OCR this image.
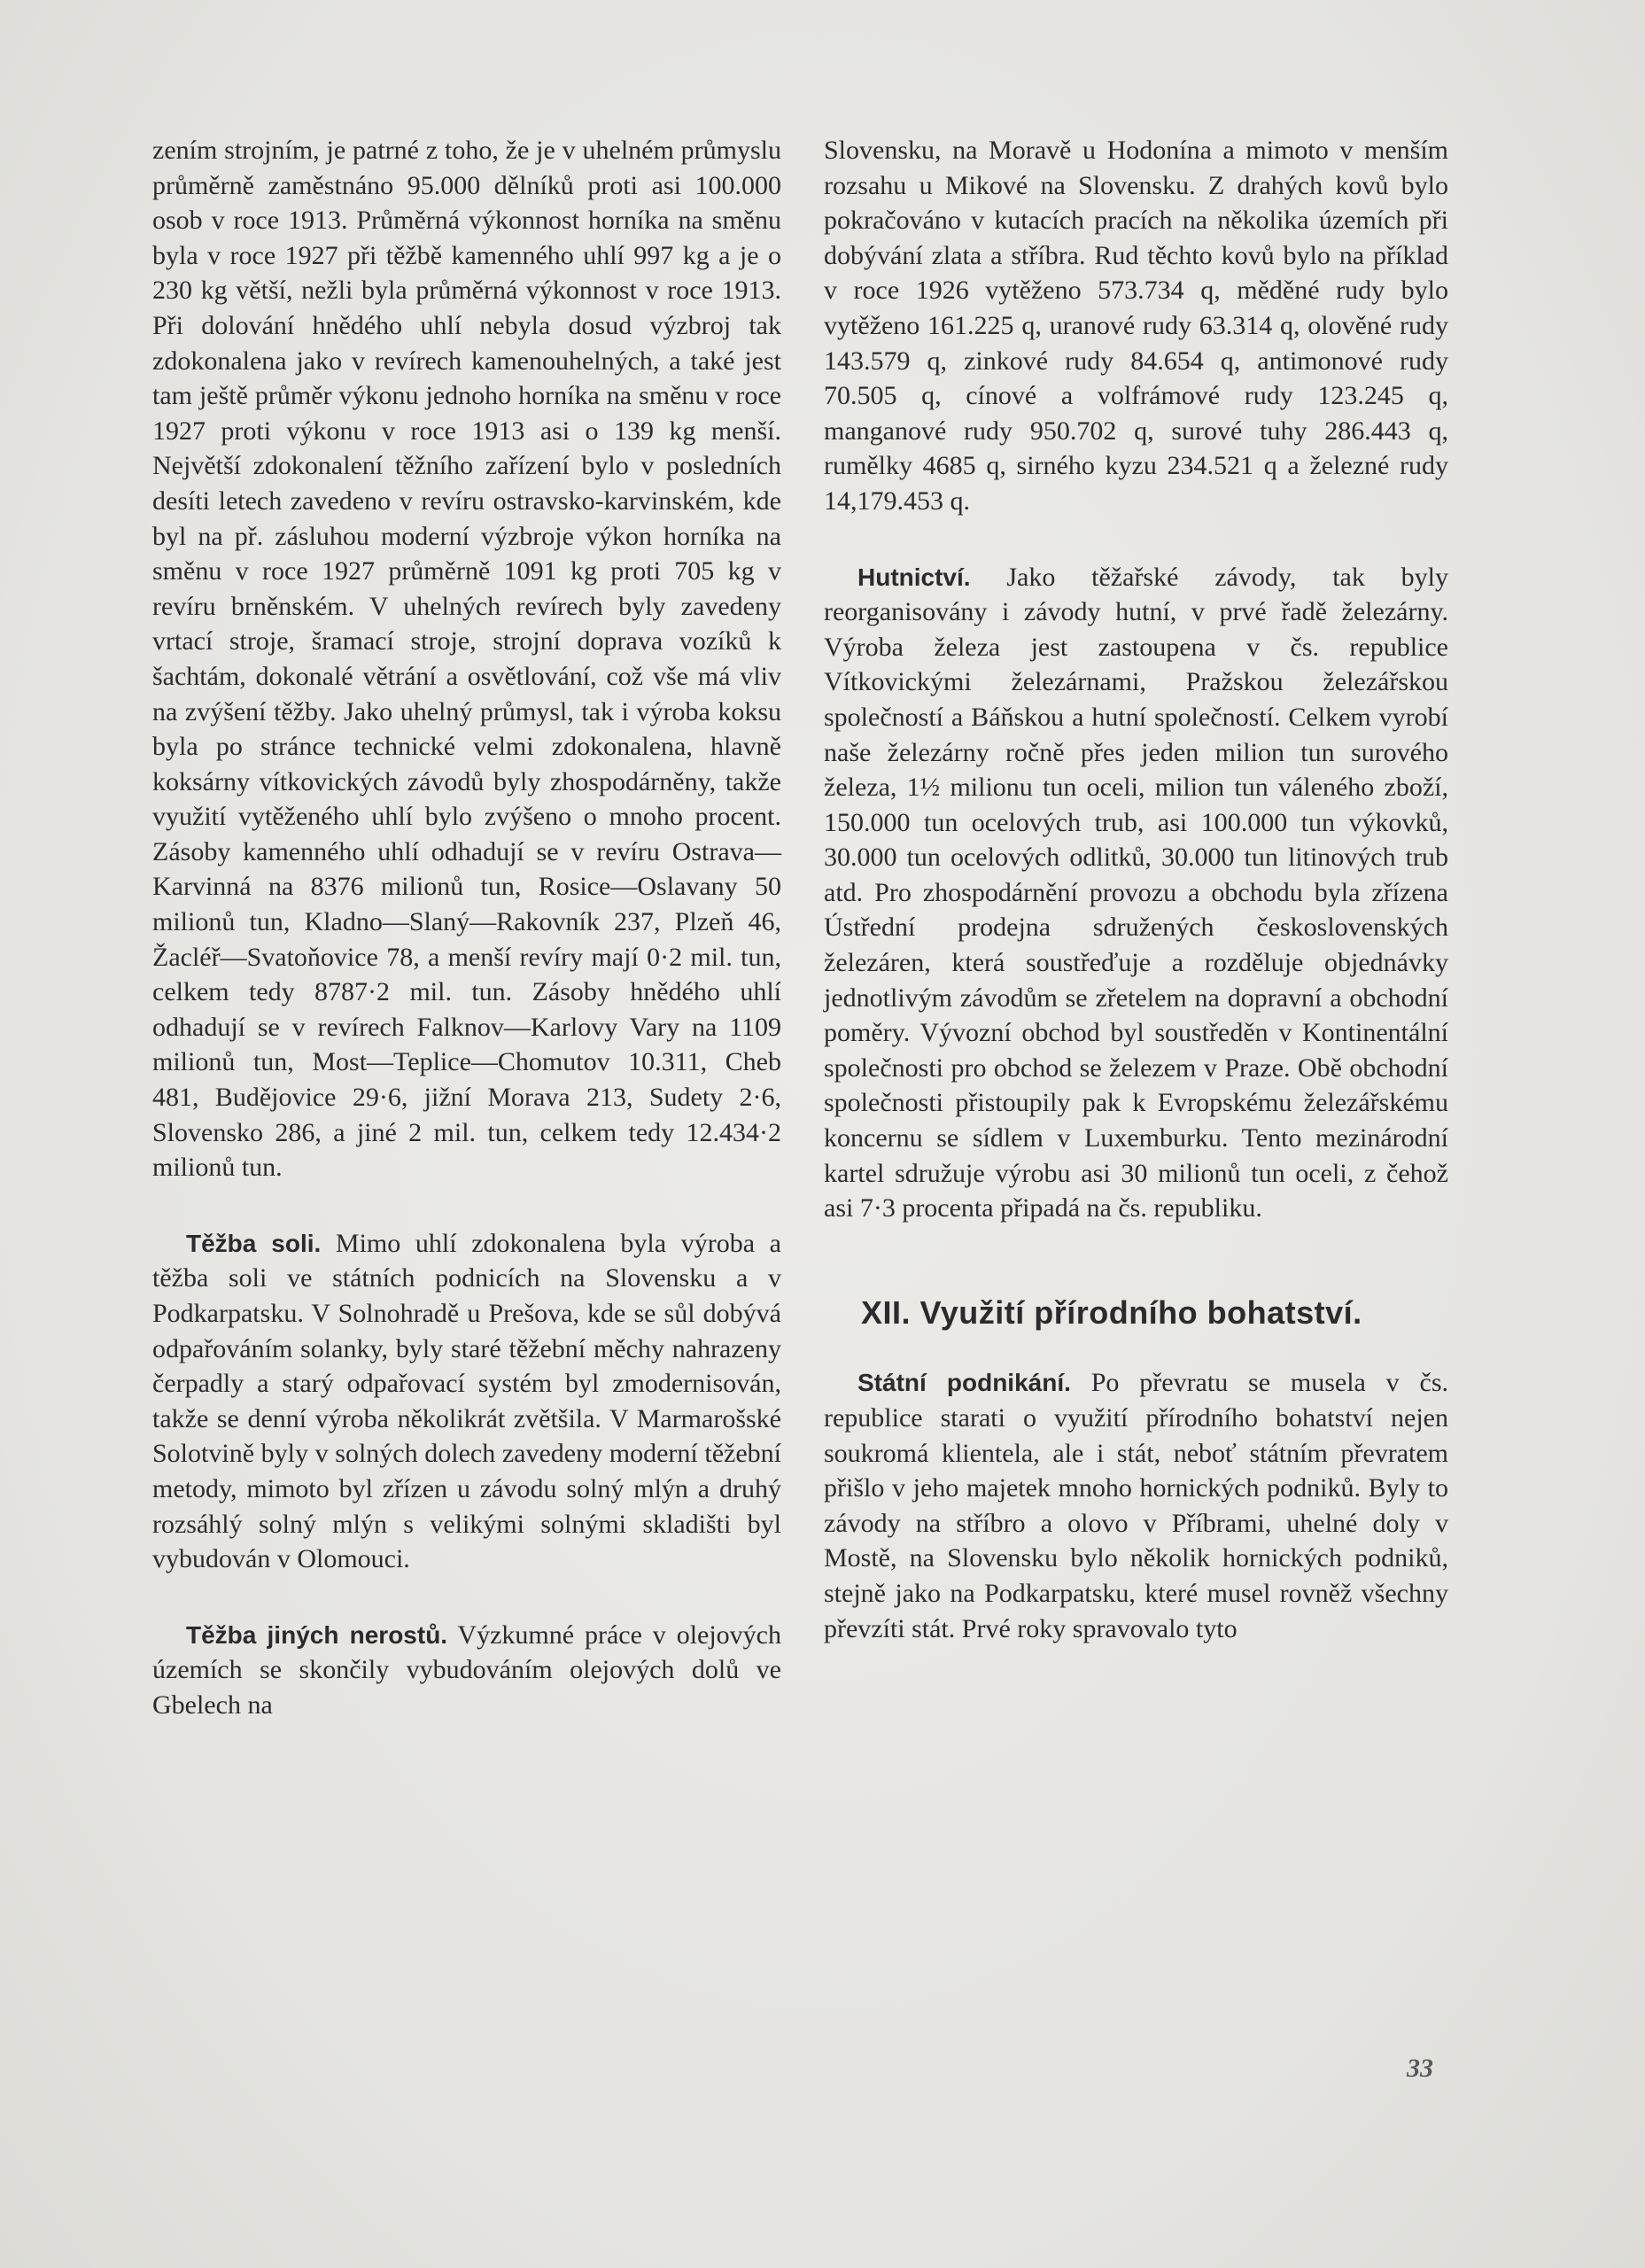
zením strojním, je patrné z toho, že je v uhelném průmyslu průměrně zaměstnáno 95.000 dělníků proti asi 100.000 osob v roce 1913. Průměrná výkonnost horníka na směnu byla v roce 1927 při těžbě kamenného uhlí 997 kg a je o 230 kg větší, nežli byla průměrná výkonnost v roce 1913. Při dolování hnědého uhlí nebyla dosud výzbroj tak zdokonalena jako v revírech kamenouhelných, a také jest tam ještě průměr výkonu jednoho horníka na směnu v roce 1927 proti výkonu v roce 1913 asi o 139 kg menší. Největší zdokonalení těžního zařízení bylo v posledních desíti letech zavedeno v revíru ostravsko-karvinském, kde byl na př. zásluhou moderní výzbroje výkon horníka na směnu v roce 1927 průměrně 1091 kg proti 705 kg v revíru brněnském. V uhelných revírech byly zavedeny vrtací stroje, šramací stroje, strojní doprava vozíků k šachtám, dokonalé větrání a osvětlování, což vše má vliv na zvýšení těžby. Jako uhelný průmysl, tak i výroba koksu byla po stránce technické velmi zdokonalena, hlavně koksárny vítkovických závodů byly zhospodárněny, takže využití vytěženého uhlí bylo zvýšeno o mnoho procent. Zásoby kamenného uhlí odhadují se v revíru Ostrava—Karvinná na 8376 milionů tun, Rosice—Oslavany 50 milionů tun, Kladno—Slaný—Rakovník 237, Plzeň 46, Žacléř—Svatoňovice 78, a menší revíry mají 0·2 mil. tun, celkem tedy 8787·2 mil. tun. Zásoby hnědého uhlí odhadují se v revírech Falknov—Karlovy Vary na 1109 milionů tun, Most—Teplice—Chomutov 10.311, Cheb 481, Budějovice 29·6, jižní Morava 213, Sudety 2·6, Slovensko 286, a jiné 2 mil. tun, celkem tedy 12.434·2 milionů tun.

Těžba soli. Mimo uhlí zdokonalena byla výroba a těžba soli ve státních podnicích na Slovensku a v Podkarpatsku. V Solnohradě u Prešova, kde se sůl dobývá odpařováním solanky, byly staré těžební měchy nahrazeny čerpadly a starý odpařovací systém byl zmodernisován, takže se denní výroba několikrát zvětšila. V Marmarošské Solotvině byly v solných dolech zavedeny moderní těžební metody, mimoto byl zřízen u závodu solný mlýn a druhý rozsáhlý solný mlýn s velikými solnými skladišti byl vybudován v Olomouci.

Těžba jiných nerostů. Výzkumné práce v olejových územích se skončily vybudováním olejových dolů ve Gbelech na

Slovensku, na Moravě u Hodonína a mimoto v menším rozsahu u Mikové na Slovensku. Z drahých kovů bylo pokračováno v kutacích pracích na několika územích při dobývání zlata a stříbra. Rud těchto kovů bylo na příklad v roce 1926 vytěženo 573.734 q, měděné rudy bylo vytěženo 161.225 q, uranové rudy 63.314 q, olověné rudy 143.579 q, zinkové rudy 84.654 q, antimonové rudy 70.505 q, cínové a volfrámové rudy 123.245 q, manganové rudy 950.702 q, surové tuhy 286.443 q, rumělky 4685 q, sirného kyzu 234.521 q a železné rudy 14,179.453 q.

Hutnictví. Jako těžařské závody, tak byly reorganisovány i závody hutní, v prvé řadě železárny. Výroba železa jest zastoupena v čs. republice Vítkovickými železárnami, Pražskou železářskou společností a Báňskou a hutní společností. Celkem vyrobí naše železárny ročně přes jeden milion tun surového železa, 1½ milionu tun oceli, milion tun váleného zboží, 150.000 tun ocelových trub, asi 100.000 tun výkovků, 30.000 tun ocelových odlitků, 30.000 tun litinových trub atd. Pro zhospodárnění provozu a obchodu byla zřízena Ústřední prodejna sdružených československých železáren, která soustřeďuje a rozděluje objednávky jednotlivým závodům se zřetelem na dopravní a obchodní poměry. Vývozní obchod byl soustředěn v Kontinentální společnosti pro obchod se železem v Praze. Obě obchodní společnosti přistoupily pak k Evropskému železářskému koncernu se sídlem v Luxemburku. Tento mezinárodní kartel sdružuje výrobu asi 30 milionů tun oceli, z čehož asi 7·3 procenta připadá na čs. republiku.

XII. Využití přírodního bohatství.

Státní podnikání. Po převratu se musela v čs. republice starati o využití přírodního bohatství nejen soukromá klientela, ale i stát, neboť státním převratem přišlo v jeho majetek mnoho hornických podniků. Byly to závody na stříbro a olovo v Příbrami, uhelné doly v Mostě, na Slovensku bylo několik hornických podniků, stejně jako na Podkarpatsku, které musel rovněž všechny převzíti stát. Prvé roky spravovalo tyto

33
